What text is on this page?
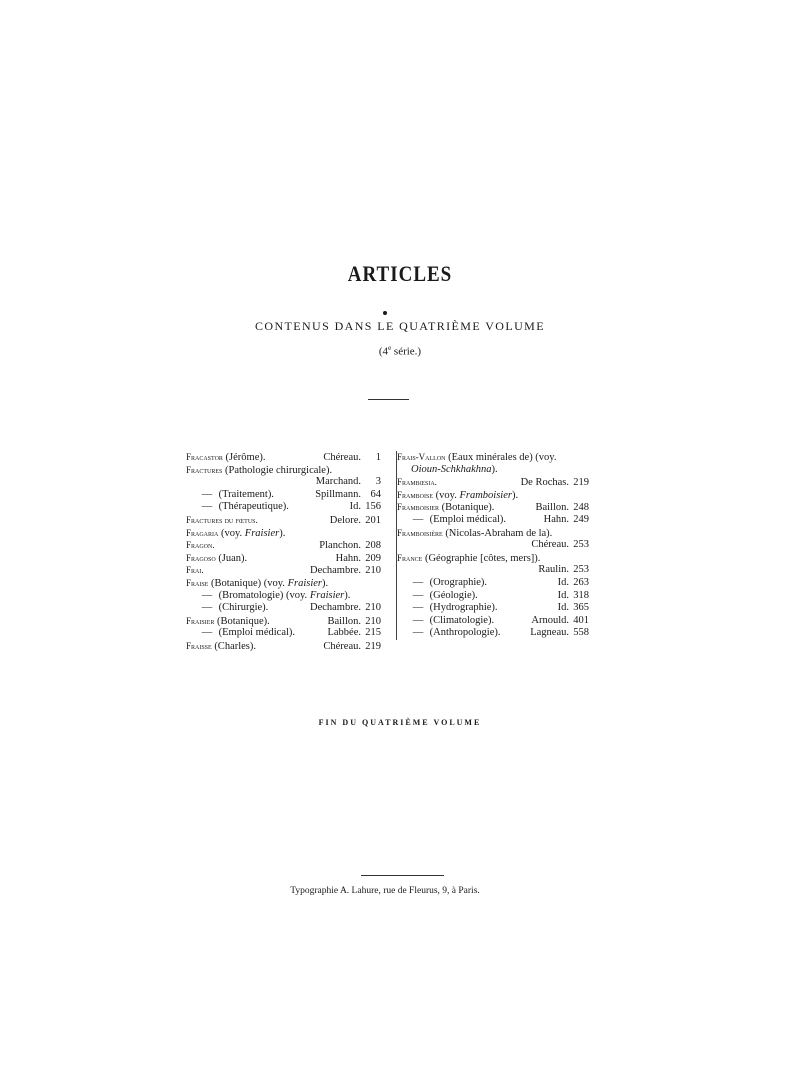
ARTICLES
CONTENUS DANS LE QUATRIÈME VOLUME
(4e série.)
Fracastor (Jérôme).	Chéreau.	1
Fractures (Pathologie chirurgicale).
Marchand.	3
— (Traitement).	Spillmann. 64
— (Thérapeutique).	Id. 156
Fractures du fœtus.	Delore. 201
Fragaria (voy. Fraisier).
Fragon.	Planchon. 208
Fragoso (Juan).	Hahn. 209
Frai.	Dechambre. 210
Fraise (Botanique) (voy. Fraisier).
— (Bromatologie) (voy. Fraisier).
— (Chirurgie).	Dechambre. 210
Fraisier (Botanique).	Baillon. 210
— (Emploi médical).	Labbée. 215
Fraisse (Charles).	Chéreau. 219
Frais-Vallon (Eaux minérales de) (voy.
Oioun-Schkhakhna).
Frambœsia.	De Rochas. 219
Framboise (voy. Framboisier).
Framboisier (Botanique).	Baillon. 248
— (Emploi médical).	Hahn. 249
Framboisière (Nicolas-Abraham de la).
Chéreau. 253
France (Géographie [côtes, mers]).
Raulin. 253
— (Orographie).	Id. 263
— (Géologie).	Id. 318
— (Hydrographie).	Id. 365
— (Climatologie).	Arnould. 401
— (Anthropologie).	Lagneau. 558
FIN DU QUATRIÈME VOLUME
Typographie A. Lahure, rue de Fleurus, 9, à Paris.
